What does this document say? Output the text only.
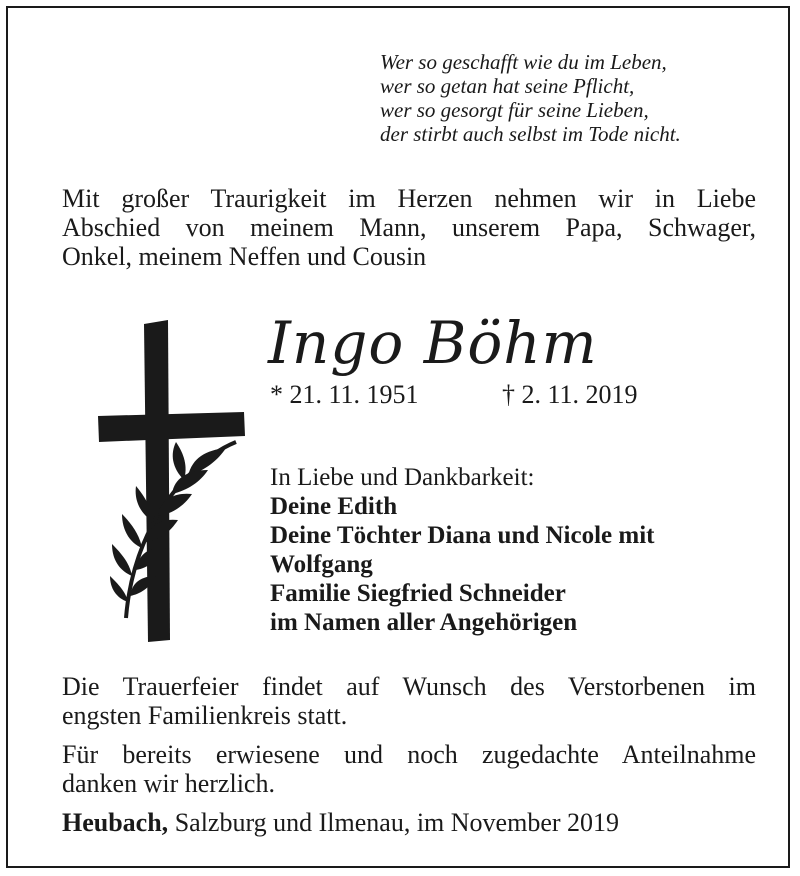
Wer so geschafft wie du im Leben,
wer so getan hat seine Pflicht,
wer so gesorgt für seine Lieben,
der stirbt auch selbst im Tode nicht.
Mit großer Traurigkeit im Herzen nehmen wir in Liebe
Abschied von meinem Mann, unserem Papa, Schwager,
Onkel, meinem Neffen und Cousin
Ingo Böhm
* 21. 11. 1951	† 2. 11. 2019
In Liebe und Dankbarkeit:
Deine Edith
Deine Töchter Diana und Nicole mit
Wolfgang
Familie Siegfried Schneider
im Namen aller Angehörigen
Die Trauerfeier findet auf Wunsch des Verstorbenen im
engsten Familienkreis statt.
Für bereits erwiesene und noch zugedachte Anteilnahme
danken wir herzlich.
Heubach, Salzburg und Ilmenau, im November 2019
